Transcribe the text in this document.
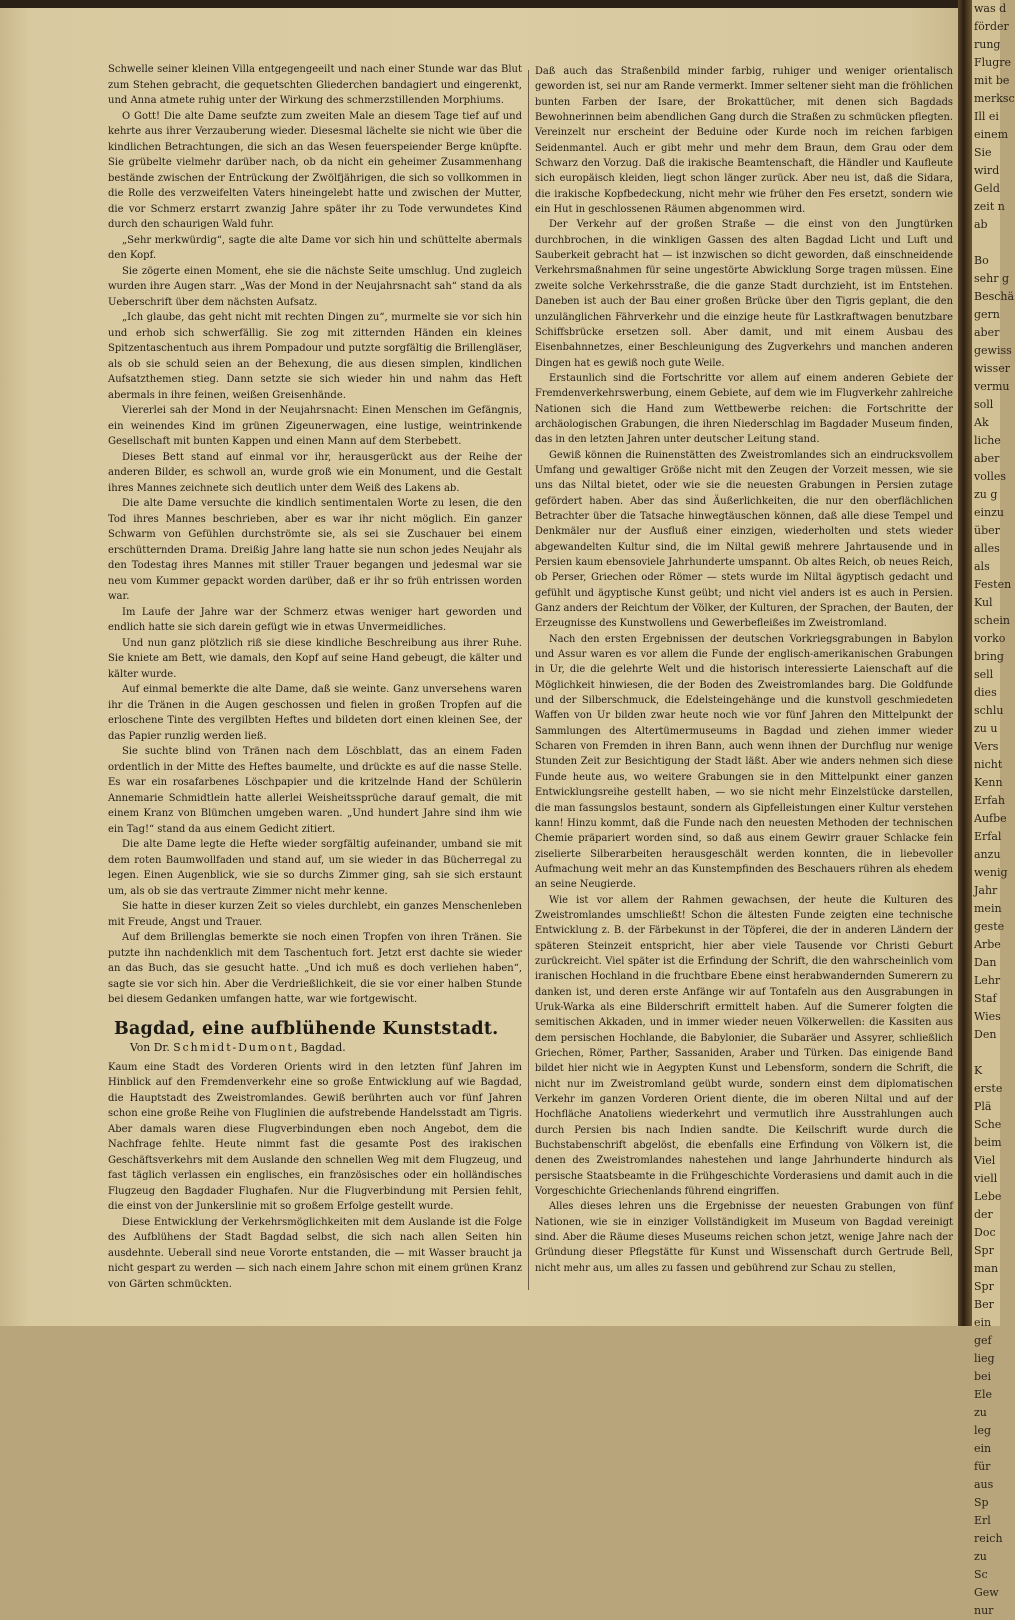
was d
förder
rung
Flugre
mit be
merksc
Ill ei
einem
Sie
wird
Geld
zeit n
ab

Bo
sehr g
Beschä
gern
aber
gewiss
wisser
vermu
soll
Ak
liche
aber
volles
zu g
einzu
über
alles
als
Festen
Kul
schein
vorko
bring
sell
dies
schlu
zu u
Vers
nicht
Kenn
Erfah
Aufbe
Erfal
anzu
wenig
Jahr
mein
geste
Arbe
Dan
Lehr
Staf
Wies
Den

K
erste
Plä
Sche
beim
Viel
viell
Lebe
der
Doc
Spr
man
Spr
Ber
ein
gef
lieg
bei
Ele
zu
leg
ein
für
aus
Sp
Erl
reich
zu
Sc
Gew
nur

Schwelle seiner kleinen Villa entgegengeeilt und nach einer Stunde war das Blut zum Stehen gebracht, die gequetschten Gliederchen bandagiert und eingerenkt, und Anna atmete ruhig unter der Wirkung des schmerzstillenden Morphiums.

O Gott! Die alte Dame seufzte zum zweiten Male an diesem Tage tief auf und kehrte aus ihrer Verzauberung wieder. Diesesmal lächelte sie nicht wie über die kindlichen Betrachtungen, die sich an das Wesen feuerspeiender Berge knüpfte. Sie grübelte vielmehr darüber nach, ob da nicht ein geheimer Zusammenhang bestände zwischen der Entrückung der Zwölfjährigen, die sich so vollkommen in die Rolle des verzweifelten Vaters hineingelebt hatte und zwischen der Mutter, die vor Schmerz erstarrt zwanzig Jahre später ihr zu Tode verwundetes Kind durch den schaurigen Wald fuhr.

„Sehr merkwürdig“, sagte die alte Dame vor sich hin und schüttelte abermals den Kopf.

Sie zögerte einen Moment, ehe sie die nächste Seite umschlug. Und zugleich wurden ihre Augen starr. „Was der Mond in der Neujahrsnacht sah“ stand da als Ueberschrift über dem nächsten Aufsatz.

„Ich glaube, das geht nicht mit rechten Dingen zu“, murmelte sie vor sich hin und erhob sich schwerfällig. Sie zog mit zitternden Händen ein kleines Spitzentaschentuch aus ihrem Pompadour und putzte sorgfältig die Brillengläser, als ob sie schuld seien an der Behexung, die aus diesen simplen, kindlichen Aufsatzthemen stieg. Dann setzte sie sich wieder hin und nahm das Heft abermals in ihre feinen, weißen Greisenhände.

Viererlei sah der Mond in der Neujahrsnacht: Einen Menschen im Gefängnis, ein weinendes Kind im grünen Zigeunerwagen, eine lustige, weintrinkende Gesellschaft mit bunten Kappen und einen Mann auf dem Sterbebett.

Dieses Bett stand auf einmal vor ihr, herausgerückt aus der Reihe der anderen Bilder, es schwoll an, wurde groß wie ein Monument, und die Gestalt ihres Mannes zeichnete sich deutlich unter dem Weiß des Lakens ab.

Die alte Dame versuchte die kindlich sentimentalen Worte zu lesen, die den Tod ihres Mannes beschrieben, aber es war ihr nicht möglich. Ein ganzer Schwarm von Gefühlen durchströmte sie, als sei sie Zuschauer bei einem erschütternden Drama. Dreißig Jahre lang hatte sie nun schon jedes Neujahr als den Todestag ihres Mannes mit stiller Trauer begangen und jedesmal war sie neu vom Kummer gepackt worden darüber, daß er ihr so früh entrissen worden war.

Im Laufe der Jahre war der Schmerz etwas weniger hart geworden und endlich hatte sie sich darein gefügt wie in etwas Unvermeidliches.

Und nun ganz plötzlich riß sie diese kindliche Beschreibung aus ihrer Ruhe. Sie kniete am Bett, wie damals, den Kopf auf seine Hand gebeugt, die kälter und kälter wurde.

Auf einmal bemerkte die alte Dame, daß sie weinte. Ganz unversehens waren ihr die Tränen in die Augen geschossen und fielen in großen Tropfen auf die erloschene Tinte des vergilbten Heftes und bildeten dort einen kleinen See, der das Papier runzlig werden ließ.

Sie suchte blind von Tränen nach dem Löschblatt, das an einem Faden ordentlich in der Mitte des Heftes baumelte, und drückte es auf die nasse Stelle. Es war ein rosafarbenes Löschpapier und die kritzelnde Hand der Schülerin Annemarie Schmidtlein hatte allerlei Weisheitssprüche darauf gemalt, die mit einem Kranz von Blümchen umgeben waren. „Und hundert Jahre sind ihm wie ein Tag!“ stand da aus einem Gedicht zitiert.

Die alte Dame legte die Hefte wieder sorgfältig aufeinander, umband sie mit dem roten Baumwollfaden und stand auf, um sie wieder in das Bücherregal zu legen. Einen Augenblick, wie sie so durchs Zimmer ging, sah sie sich erstaunt um, als ob sie das vertraute Zimmer nicht mehr kenne.

Sie hatte in dieser kurzen Zeit so vieles durchlebt, ein ganzes Menschenleben mit Freude, Angst und Trauer.

Auf dem Brillenglas bemerkte sie noch einen Tropfen von ihren Tränen. Sie putzte ihn nachdenklich mit dem Taschentuch fort. Jetzt erst dachte sie wieder an das Buch, das sie gesucht hatte. „Und ich muß es doch verliehen haben“, sagte sie vor sich hin. Aber die Verdrießlichkeit, die sie vor einer halben Stunde bei diesem Gedanken umfangen hatte, war wie fortgewischt.

Bagdad, eine aufblühende Kunststadt.
Von Dr. Schmidt-Dumont, Bagdad.

Kaum eine Stadt des Vorderen Orients wird in den letzten fünf Jahren im Hinblick auf den Fremdenverkehr eine so große Entwicklung auf wie Bagdad, die Hauptstadt des Zweistromlandes. Gewiß berührten auch vor fünf Jahren schon eine große Reihe von Fluglinien die aufstrebende Handelsstadt am Tigris. Aber damals waren diese Flugverbindungen eben noch Angebot, dem die Nachfrage fehlte. Heute nimmt fast die gesamte Post des irakischen Geschäftsverkehrs mit dem Auslande den schnellen Weg mit dem Flugzeug, und fast täglich verlassen ein englisches, ein französisches oder ein holländisches Flugzeug den Bagdader Flughafen. Nur die Flugverbindung mit Persien fehlt, die einst von der Junkerslinie mit so großem Erfolge gestellt wurde.

Diese Entwicklung der Verkehrsmöglichkeiten mit dem Auslande ist die Folge des Aufblühens der Stadt Bagdad selbst, die sich nach allen Seiten hin ausdehnte. Ueberall sind neue Vororte entstanden, die — mit Wasser braucht ja nicht gespart zu werden — sich nach einem Jahre schon mit einem grünen Kranz von Gärten schmückten.

Daß auch das Straßenbild minder farbig, ruhiger und weniger orientalisch geworden ist, sei nur am Rande vermerkt. Immer seltener sieht man die fröhlichen bunten Farben der Isare, der Brokattücher, mit denen sich Bagdads Bewohnerinnen beim abendlichen Gang durch die Straßen zu schmücken pflegten. Vereinzelt nur erscheint der Beduine oder Kurde noch im reichen farbigen Seidenmantel. Auch er gibt mehr und mehr dem Braun, dem Grau oder dem Schwarz den Vorzug. Daß die irakische Beamtenschaft, die Händler und Kaufleute sich europäisch kleiden, liegt schon länger zurück. Aber neu ist, daß die Sidara, die irakische Kopfbedeckung, nicht mehr wie früher den Fes ersetzt, sondern wie ein Hut in geschlossenen Räumen abgenommen wird.

Der Verkehr auf der großen Straße — die einst von den Jungtürken durchbrochen, in die winkligen Gassen des alten Bagdad Licht und Luft und Sauberkeit gebracht hat — ist inzwischen so dicht geworden, daß einschneidende Verkehrsmaßnahmen für seine ungestörte Abwicklung Sorge tragen müssen. Eine zweite solche Verkehrsstraße, die die ganze Stadt durchzieht, ist im Entstehen. Daneben ist auch der Bau einer großen Brücke über den Tigris geplant, die den unzulänglichen Fährverkehr und die einzige heute für Lastkraftwagen benutzbare Schiffsbrücke ersetzen soll. Aber damit, und mit einem Ausbau des Eisenbahnnetzes, einer Beschleunigung des Zugverkehrs und manchen anderen Dingen hat es gewiß noch gute Weile.

Erstaunlich sind die Fortschritte vor allem auf einem anderen Gebiete der Fremdenverkehrswerbung, einem Gebiete, auf dem wie im Flugverkehr zahlreiche Nationen sich die Hand zum Wettbewerbe reichen: die Fortschritte der archäologischen Grabungen, die ihren Niederschlag im Bagdader Museum finden, das in den letzten Jahren unter deutscher Leitung stand.

Gewiß können die Ruinenstätten des Zweistromlandes sich an eindrucksvollem Umfang und gewaltiger Größe nicht mit den Zeugen der Vorzeit messen, wie sie uns das Niltal bietet, oder wie sie die neuesten Grabungen in Persien zutage gefördert haben. Aber das sind Äußerlichkeiten, die nur den oberflächlichen Betrachter über die Tatsache hinwegtäuschen können, daß alle diese Tempel und Denkmäler nur der Ausfluß einer einzigen, wiederholten und stets wieder abgewandelten Kultur sind, die im Niltal gewiß mehrere Jahrtausende und in Persien kaum ebensoviele Jahrhunderte umspannt. Ob altes Reich, ob neues Reich, ob Perser, Griechen oder Römer — stets wurde im Niltal ägyptisch gedacht und gefühlt und ägyptische Kunst geübt; und nicht viel anders ist es auch in Persien. Ganz anders der Reichtum der Völker, der Kulturen, der Sprachen, der Bauten, der Erzeugnisse des Kunstwollens und Gewerbefleißes im Zweistromland.

Nach den ersten Ergebnissen der deutschen Vorkriegsgrabungen in Babylon und Assur waren es vor allem die Funde der englisch-amerikanischen Grabungen in Ur, die die gelehrte Welt und die historisch interessierte Laienschaft auf die Möglichkeit hinwiesen, die der Boden des Zweistromlandes barg. Die Goldfunde und der Silberschmuck, die Edelsteingehänge und die kunstvoll geschmiedeten Waffen von Ur bilden zwar heute noch wie vor fünf Jahren den Mittelpunkt der Sammlungen des Altertümermuseums in Bagdad und ziehen immer wieder Scharen von Fremden in ihren Bann, auch wenn ihnen der Durchflug nur wenige Stunden Zeit zur Besichtigung der Stadt läßt. Aber wie anders nehmen sich diese Funde heute aus, wo weitere Grabungen sie in den Mittelpunkt einer ganzen Entwicklungsreihe gestellt haben, — wo sie nicht mehr Einzelstücke darstellen, die man fassungslos bestaunt, sondern als Gipfelleistungen einer Kultur verstehen kann! Hinzu kommt, daß die Funde nach den neuesten Methoden der technischen Chemie präpariert worden sind, so daß aus einem Gewirr grauer Schlacke fein ziselierte Silberarbeiten herausgeschält werden konnten, die in liebevoller Aufmachung weit mehr an das Kunstempfinden des Beschauers rühren als ehedem an seine Neugierde.

Wie ist vor allem der Rahmen gewachsen, der heute die Kulturen des Zweistromlandes umschließt! Schon die ältesten Funde zeigten eine technische Entwicklung z. B. der Färbekunst in der Töpferei, die der in anderen Ländern der späteren Steinzeit entspricht, hier aber viele Tausende vor Christi Geburt zurückreicht. Viel später ist die Erfindung der Schrift, die den wahrscheinlich vom iranischen Hochland in die fruchtbare Ebene einst herabwandernden Sumerern zu danken ist, und deren erste Anfänge wir auf Tontafeln aus den Ausgrabungen in Uruk-Warka als eine Bilderschrift ermittelt haben. Auf die Sumerer folgten die semitischen Akkaden, und in immer wieder neuen Völkerwellen: die Kassiten aus dem persischen Hochlande, die Babylonier, die Subaräer und Assyrer, schließlich Griechen, Römer, Parther, Sassaniden, Araber und Türken. Das einigende Band bildet hier nicht wie in Aegypten Kunst und Lebensform, sondern die Schrift, die nicht nur im Zweistromland geübt wurde, sondern einst dem diplomatischen Verkehr im ganzen Vorderen Orient diente, die im oberen Niltal und auf der Hochfläche Anatoliens wiederkehrt und vermutlich ihre Ausstrahlungen auch durch Persien bis nach Indien sandte. Die Keilschrift wurde durch die Buchstabenschrift abgelöst, die ebenfalls eine Erfindung von Völkern ist, die denen des Zweistromlandes nahestehen und lange Jahrhunderte hindurch als persische Staatsbeamte in die Frühgeschichte Vorderasiens und damit auch in die Vorgeschichte Griechenlands führend eingriffen.

Alles dieses lehren uns die Ergebnisse der neuesten Grabungen von fünf Nationen, wie sie in einziger Vollständigkeit im Museum von Bagdad vereinigt sind. Aber die Räume dieses Museums reichen schon jetzt, wenige Jahre nach der Gründung dieser Pflegstätte für Kunst und Wissenschaft durch Gertrude Bell, nicht mehr aus, um alles zu fassen und gebührend zur Schau zu stellen,
